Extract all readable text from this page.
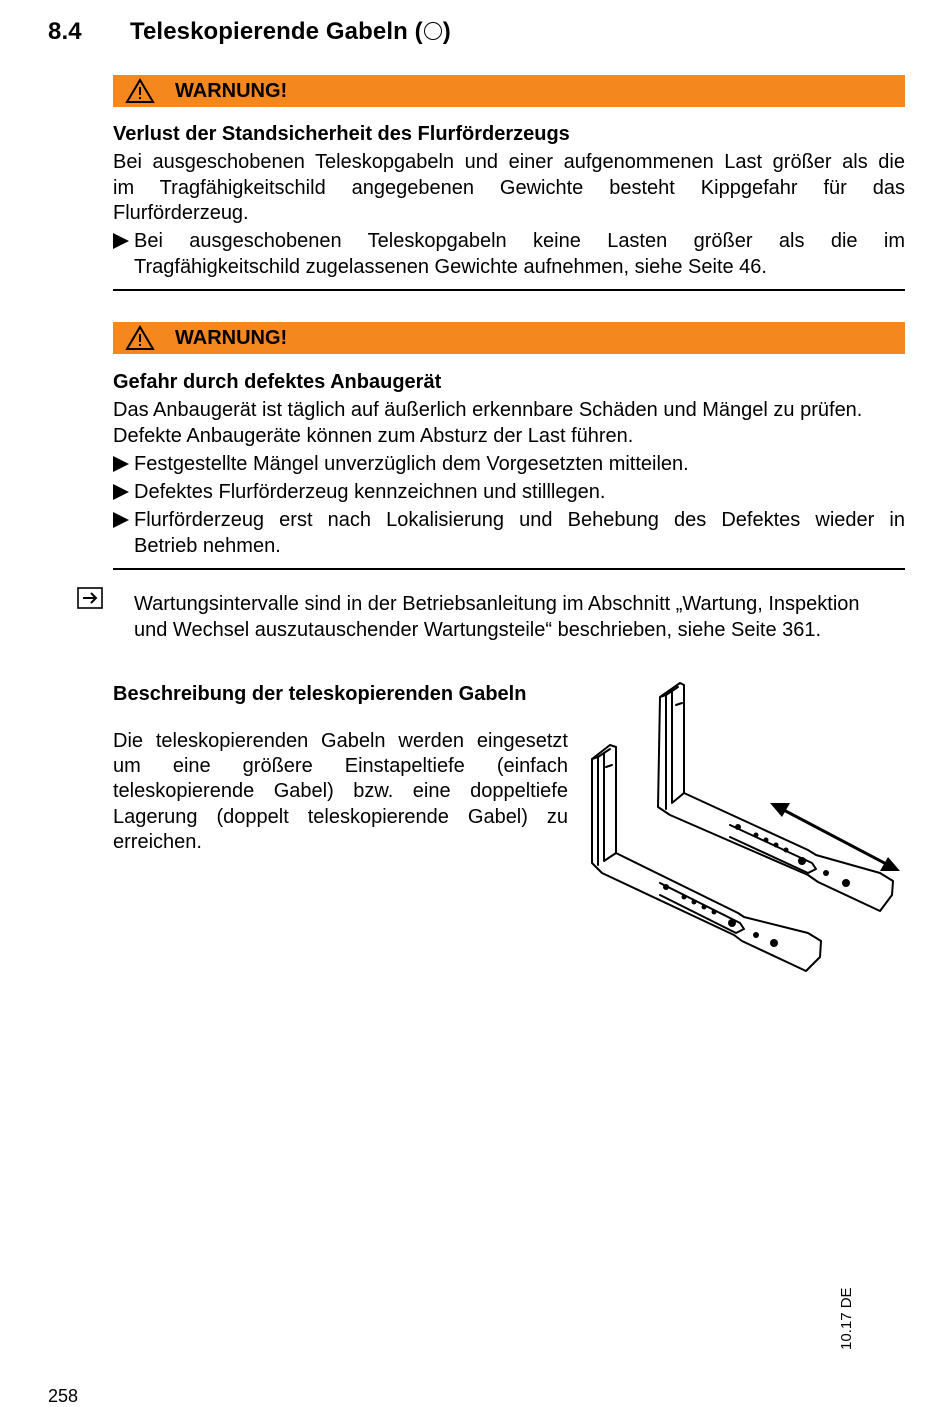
8.4 Teleskopierende Gabeln ( )
WARNUNG!
Verlust der Standsicherheit des Flurförderzeugs
Bei ausgeschobenen Teleskopgabeln und einer aufgenommenen Last größer als die
im Tragfähigkeitschild angegebenen Gewichte besteht Kippgefahr für das
Flurförderzeug.
Bei ausgeschobenen Teleskopgabeln keine Lasten größer als die im
Tragfähigkeitschild zugelassenen Gewichte aufnehmen, siehe Seite 46.
WARNUNG!
Gefahr durch defektes Anbaugerät
Das Anbaugerät ist täglich auf äußerlich erkennbare Schäden und Mängel zu prüfen.
Defekte Anbaugeräte können zum Absturz der Last führen.
Festgestellte Mängel unverzüglich dem Vorgesetzten mitteilen.
Defektes Flurförderzeug kennzeichnen und stilllegen.
Flurförderzeug erst nach Lokalisierung und Behebung des Defektes wieder in
Betrieb nehmen.
Wartungsintervalle sind in der Betriebsanleitung im Abschnitt „Wartung, Inspektion
und Wechsel auszutauschender Wartungsteile“ beschrieben, siehe Seite 361.
Beschreibung der teleskopierenden Gabeln
Die teleskopierenden Gabeln werden eingesetzt
um eine größere Einstapeltiefe (einfach
teleskopierende Gabel) bzw. eine doppeltiefe
Lagerung (doppelt teleskopierende Gabel) zu
erreichen.
10.17 DE
258
